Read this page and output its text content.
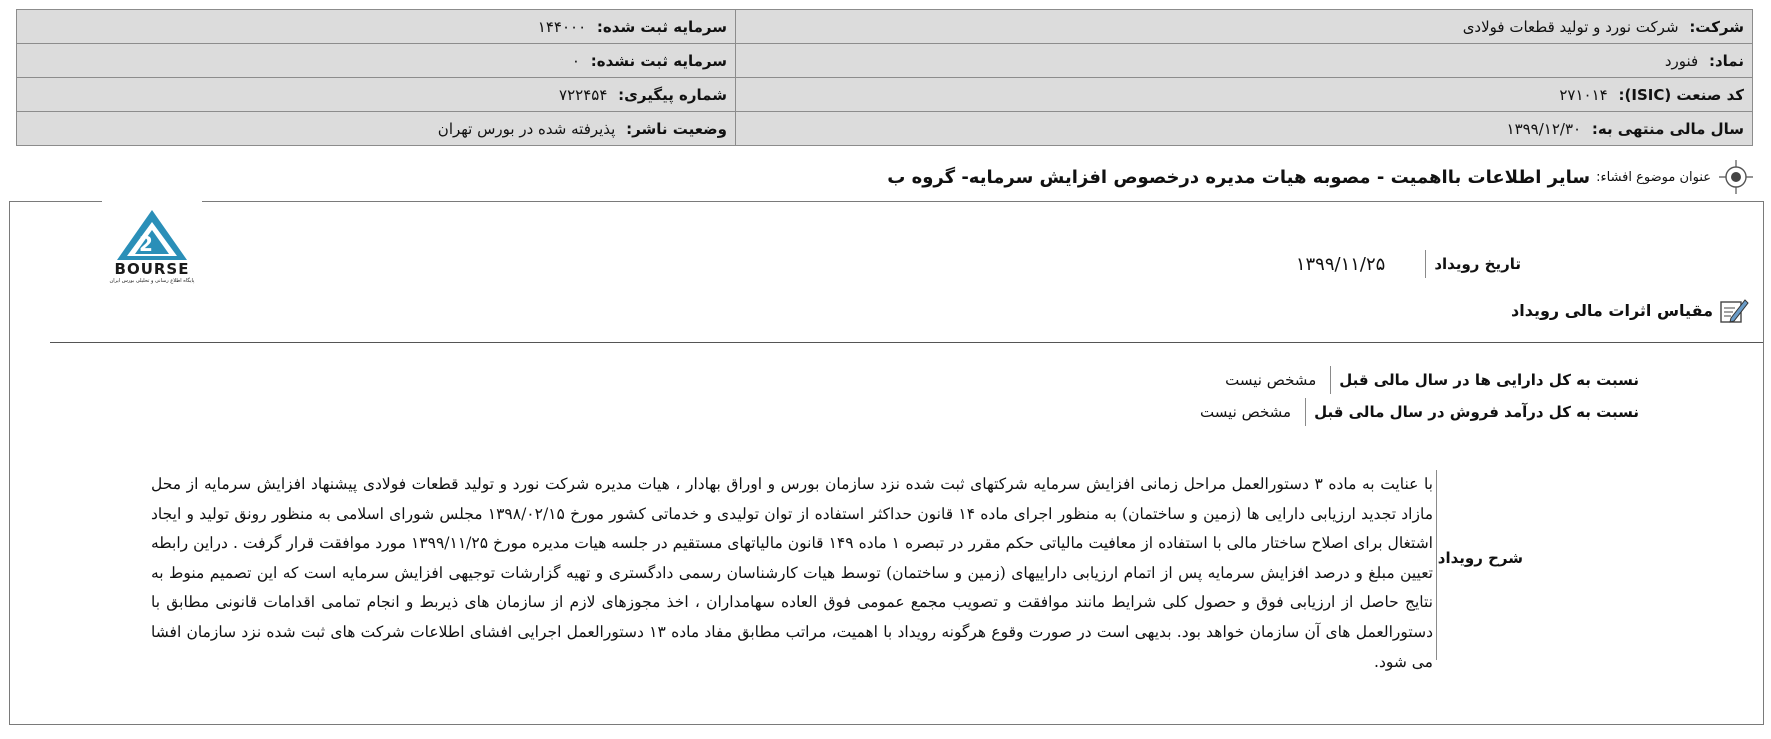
شرکت: شرکت نورد و تولید قطعات فولادی	سرمایه ثبت شده: ۱۴۴۰۰۰
نماد: فنورد	سرمایه ثبت نشده: ۰
کد صنعت (ISIC): ۲۷۱۰۱۴	شماره پیگیری: ۷۲۲۴۵۴
سال مالی منتهی به: ۱۳۹۹/۱۲/۳۰	وضعیت ناشر: پذیرفته شده در بورس تهران
عنوان موضوع افشاء:
سایر اطلاعات بااهمیت - مصوبه هیات مدیره درخصوص افزایش سرمایه- گروه ب
2
BOURSE
پایگاه اطلاع رسانی و تحلیلی بورس ایران
تاریخ رویداد
۱۳۹۹/۱۱/۲۵
مقیاس اثرات مالی رویداد
نسبت به کل دارایی ها در سال مالی قبل
مشخص نیست
نسبت به کل درآمد فروش در سال مالی قبل
مشخص نیست
شرح رویداد
با عنایت به ماده ۳ دستورالعمل مراحل زمانی افزایش سرمایه شرکتهای ثبت شده نزد سازمان بورس و اوراق بهادار ، هیات مدیره شرکت نورد و تولید قطعات فولادی پیشنهاد افزایش سرمایه از محل مازاد تجدید ارزیابی دارایی ها (زمین و ساختمان) به منظور اجرای ماده ۱۴ قانون حداکثر استفاده از توان تولیدی و خدماتی کشور مورخ ۱۳۹۸/۰۲/۱۵ مجلس شورای اسلامی به منظور رونق تولید و ایجاد اشتغال برای اصلاح ساختار مالی با استفاده از معافیت مالیاتی حکم مقرر در تبصره ۱ ماده ۱۴۹ قانون مالیاتهای مستقیم در جلسه هیات مدیره مورخ ۱۳۹۹/۱۱/۲۵ مورد موافقت قرار گرفت . دراین رابطه تعیین مبلغ و درصد افزایش سرمایه پس از اتمام ارزیابی داراییهای (زمین و ساختمان) توسط هیات کارشناسان رسمی دادگستری و تهیه گزارشات توجیهی افزایش سرمایه است که این تصمیم منوط به نتایج حاصل از ارزیابی فوق و حصول کلی شرایط مانند موافقت و تصویب مجمع عمومی فوق العاده سهامداران ، اخذ مجوزهای لازم از سازمان های ذیربط و انجام تمامی اقدامات قانونی مطابق با دستورالعمل های آن سازمان خواهد بود. بدیهی است در صورت وقوع هرگونه رویداد با اهمیت، مراتب مطابق مفاد ماده ۱۳ دستورالعمل اجرایی افشای اطلاعات شرکت های ثبت شده نزد سازمان افشا می شود.
